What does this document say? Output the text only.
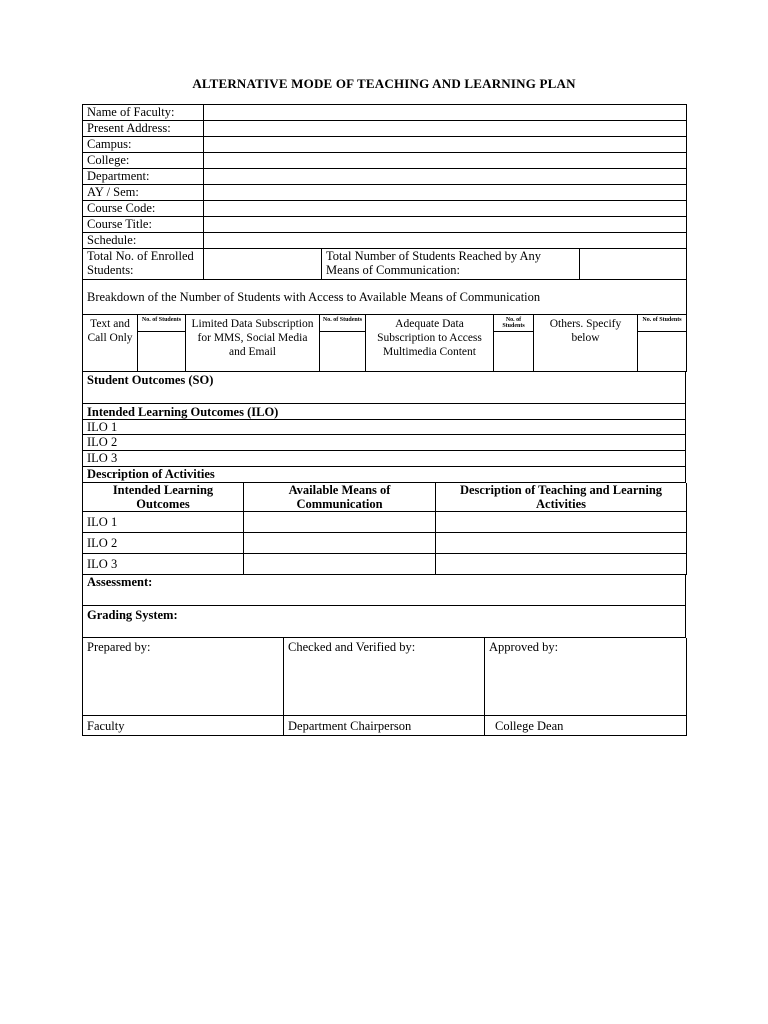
ALTERNATIVE MODE OF TEACHING AND LEARNING PLAN
Name of Faculty:	
Present Address:	
Campus:	
College:	
Department:	
AY / Sem:	
Course Code:	
Course Title:	
Schedule:	
Total No. of Enrolled Students:		Total Number of Students Reached by Any Means of Communication:	
Breakdown of the Number of Students with Access to Available Means of Communication							
Text and Call Only	No. of Students	Limited Data Subscription for MMS, Social Media and Email	No. of Students	Adequate Data Subscription to Access Multimedia Content	No. of Students	Others. Specify below	No. of Students

Student Outcomes (SO)
Intended Learning Outcomes (ILO)
ILO 1
ILO 2
ILO 3
Description of Activities
Intended Learning Outcomes	Available Means of Communication	Description of Teaching and Learning Activities
ILO 1		
ILO 2		
ILO 3		
Assessment:
Grading System:
Prepared by:	Checked and Verified by:	Approved by:
Faculty	Department Chairperson	College Dean
